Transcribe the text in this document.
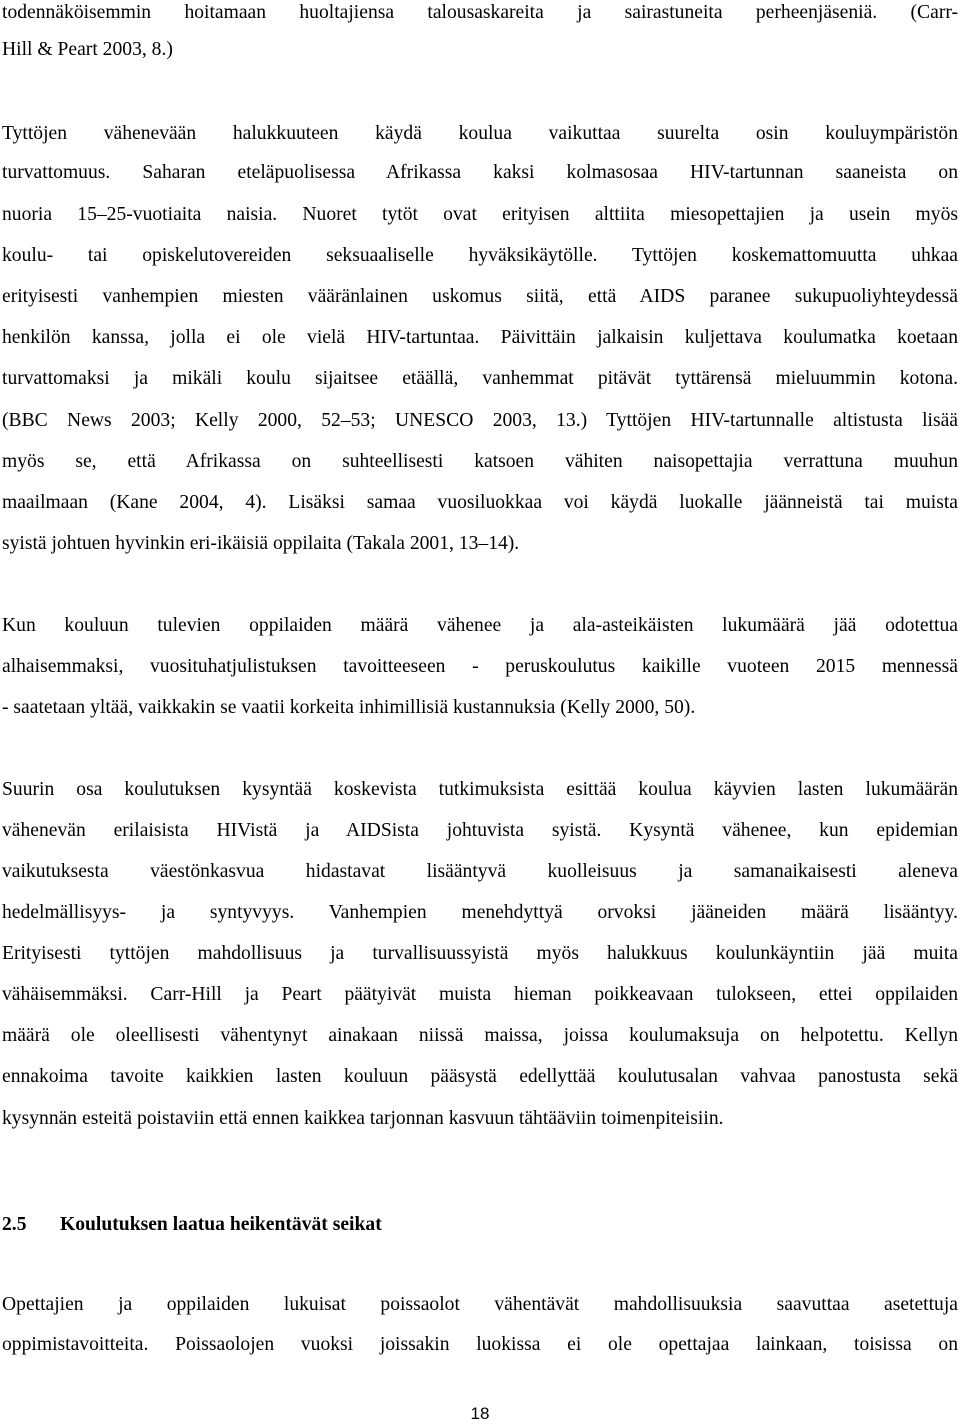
todennäköisemmin hoitamaan huoltajiensa talousaskareita ja sairastuneita perheenjäseniä. (Carr-
Hill & Peart 2003, 8.)
Tyttöjen vähenevään halukkuuteen käydä koulua vaikuttaa suurelta osin kouluympäristön
turvattomuus. Saharan eteläpuolisessa Afrikassa kaksi kolmasosaa HIV-tartunnan saaneista on
nuoria 15–25-vuotiaita naisia. Nuoret tytöt ovat erityisen alttiita miesopettajien ja usein myös
koulu- tai opiskelutovereiden seksuaaliselle hyväksikäytölle. Tyttöjen koskemattomuutta uhkaa
erityisesti vanhempien miesten vääränlainen uskomus siitä, että AIDS paranee sukupuoliyhteydessä
henkilön kanssa, jolla ei ole vielä HIV-tartuntaa. Päivittäin jalkaisin kuljettava koulumatka koetaan
turvattomaksi ja mikäli koulu sijaitsee etäällä, vanhemmat pitävät tyttärensä mieluummin kotona.
(BBC News 2003; Kelly 2000, 52–53; UNESCO 2003, 13.) Tyttöjen HIV-tartunnalle altistusta lisää
myös se, että Afrikassa on suhteellisesti katsoen vähiten naisopettajia verrattuna muuhun
maailmaan (Kane 2004, 4). Lisäksi samaa vuosiluokkaa voi käydä luokalle jäänneistä tai muista
syistä johtuen hyvinkin eri-ikäisiä oppilaita (Takala 2001, 13–14).
Kun kouluun tulevien oppilaiden määrä vähenee ja ala-asteikäisten lukumäärä jää odotettua
alhaisemmaksi, vuosituhatjulistuksen tavoitteeseen - peruskoulutus kaikille vuoteen 2015 mennessä
- saatetaan yltää, vaikkakin se vaatii korkeita inhimillisiä kustannuksia (Kelly 2000, 50).
Suurin osa koulutuksen kysyntää koskevista tutkimuksista esittää koulua käyvien lasten lukumäärän
vähenevän erilaisista HIVistä ja AIDSista johtuvista syistä. Kysyntä vähenee, kun epidemian
vaikutuksesta väestönkasvua hidastavat lisääntyvä kuolleisuus ja samanaikaisesti aleneva
hedelmällisyys- ja syntyvyys. Vanhempien menehdyttyä orvoksi jääneiden määrä lisääntyy.
Erityisesti tyttöjen mahdollisuus ja turvallisuussyistä myös halukkuus koulunkäyntiin jää muita
vähäisemmäksi. Carr-Hill ja Peart päätyivät muista hieman poikkeavaan tulokseen, ettei oppilaiden
määrä ole oleellisesti vähentynyt ainakaan niissä maissa, joissa koulumaksuja on helpotettu. Kellyn
ennakoima tavoite kaikkien lasten kouluun pääsystä edellyttää koulutusalan vahvaa panostusta sekä
kysynnän esteitä poistaviin että ennen kaikkea tarjonnan kasvuun tähtääviin toimenpiteisiin.
2.5 Koulutuksen laatua heikentävät seikat
Opettajien ja oppilaiden lukuisat poissaolot vähentävät mahdollisuuksia saavuttaa asetettuja
oppimistavoitteita. Poissaolojen vuoksi joissakin luokissa ei ole opettajaa lainkaan, toisissa on
18
